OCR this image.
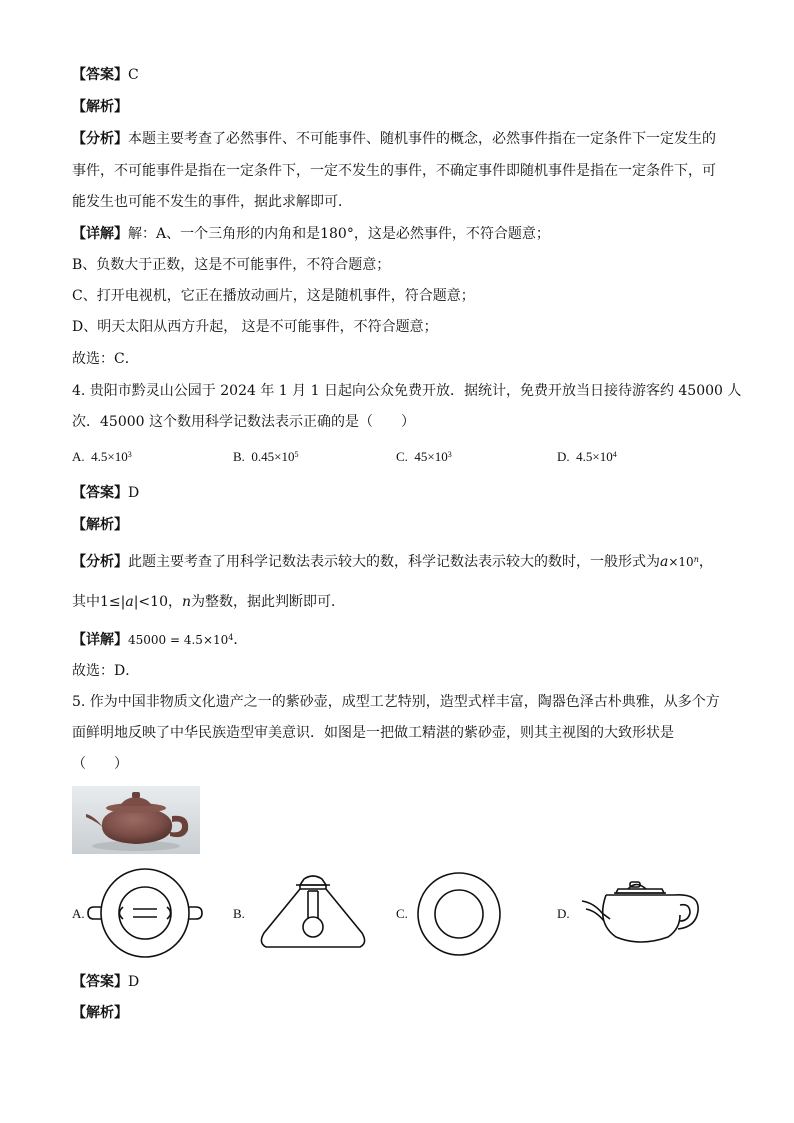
【答案】C
【解析】
【分析】本题主要考查了必然事件、不可能事件、随机事件的概念，必然事件指在一定条件下一定发生的
事件，不可能事件是指在一定条件下，一定不发生的事件，不确定事件即随机事件是指在一定条件下，可
能发生也可能不发生的事件，据此求解即可．
【详解】解：A、一个三角形的内角和是180°，这是必然事件，不符合题意；
B、负数大于正数，这是不可能事件，不符合题意；
C、打开电视机，它正在播放动画片，这是随机事件，符合题意；
D、明天太阳从西方升起， 这是不可能事件，不符合题意；
故选：C．
4. 贵阳市黔灵山公园于 2024 年 1 月 1 日起向公众免费开放．据统计，免费开放当日接待游客约 45000 人
次．45000 这个数用科学记数法表示正确的是（　　）
A. $4.5\times 10^3$	B. $0.45\times 10^5$	C. $45\times 10^3$	D. $4.5\times 10^4$
【答案】D
【解析】
【分析】此题主要考查了用科学记数法表示较大的数，科学记数法表示较大的数时，一般形式为$a\times 10^n$，
其中1≤|a|<10，n为整数，据此判断即可．
【详解】$45000 = 4.5\times 10^4$．
故选：D．
5. 作为中国非物质文化遗产之一的紫砂壶，成型工艺特别，造型式样丰富，陶器色泽古朴典雅，从多个方
面鲜明地反映了中华民族造型审美意识．如图是一把做工精湛的紫砂壶，则其主视图的大致形状是
（　　）
A.	B.	C.	D.
【答案】D
【解析】
